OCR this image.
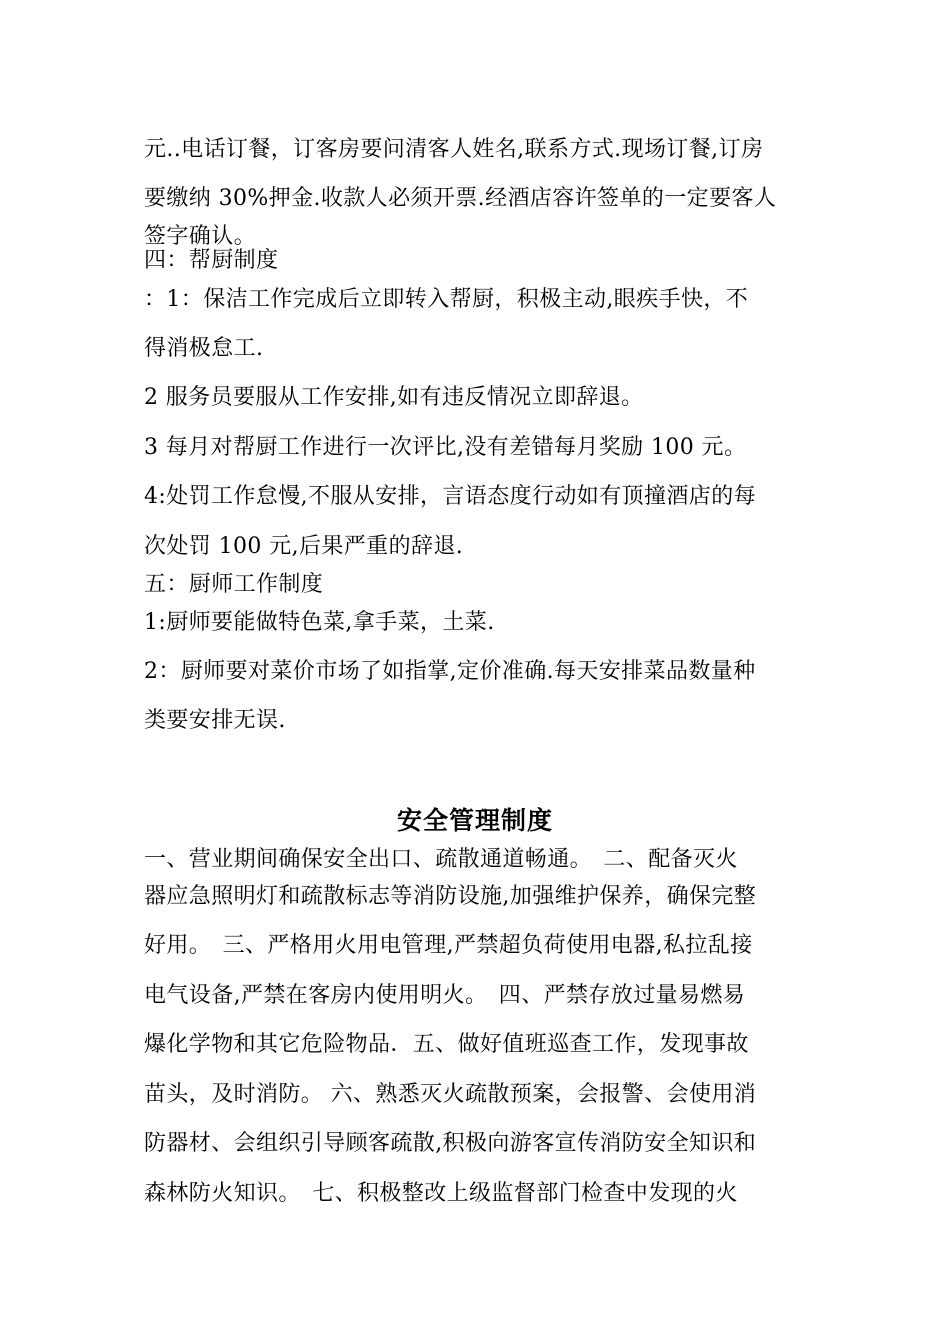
元..电话订餐，订客房要问清客人姓名,联系方式.现场订餐,订房
要缴纳 30%押金.收款人必须开票.经酒店容许签单的一定要客人
签字确认。
四：帮厨制度
：1：保洁工作完成后立即转入帮厨，积极主动,眼疾手快，不
得消极怠工.
2 服务员要服从工作安排,如有违反情况立即辞退。
3 每月对帮厨工作进行一次评比,没有差错每月奖励 100 元。
4:处罚工作怠慢,不服从安排，言语态度行动如有顶撞酒店的每
次处罚 100 元,后果严重的辞退.
五：厨师工作制度
1:厨师要能做特色菜,拿手菜，土菜.
2：厨师要对菜价市场了如指掌,定价准确.每天安排菜品数量种
类要安排无误.
安全管理制度
一、营业期间确保安全出口、疏散通道畅通。　二、配备灭火
器应急照明灯和疏散标志等消防设施,加强维护保养，确保完整
好用。　三、严格用火用电管理,严禁超负荷使用电器,私拉乱接
电气设备,严禁在客房内使用明火。　四、严禁存放过量易燃易
爆化学物和其它危险物品．五、做好值班巡查工作，发现事故
苗头，及时消防。 六、熟悉灭火疏散预案，会报警、会使用消
防器材、会组织引导顾客疏散,积极向游客宣传消防安全知识和
森林防火知识。　七、积极整改上级监督部门检查中发现的火
